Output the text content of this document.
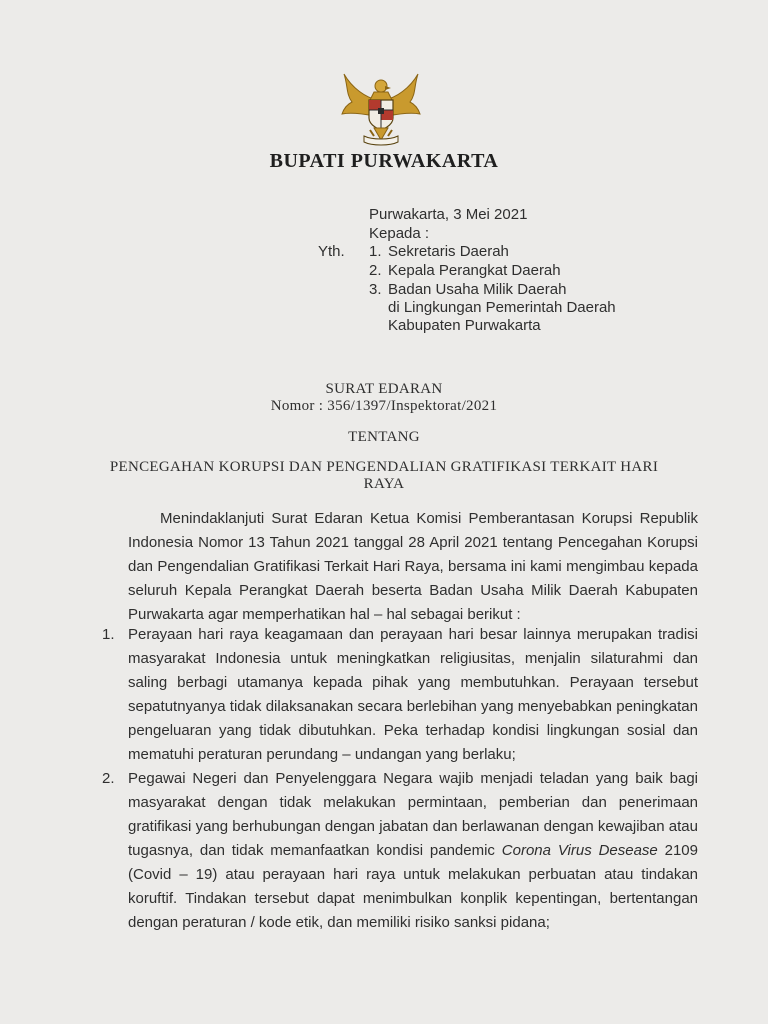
BUPATI PURWAKARTA
Purwakarta, 3 Mei 2021
Kepada :
Yth. 1. Sekretaris Daerah
2. Kepala Perangkat Daerah
3. Badan Usaha Milik Daerah
di Lingkungan Pemerintah Daerah
Kabupaten Purwakarta
SURAT EDARAN
Nomor : 356/1397/Inspektorat/2021
TENTANG
PENCEGAHAN KORUPSI DAN PENGENDALIAN GRATIFIKASI TERKAIT HARI
RAYA

Menindaklanjuti Surat Edaran Ketua Komisi Pemberantasan Korupsi Republik Indonesia Nomor 13 Tahun 2021 tanggal 28 April 2021 tentang Pencegahan Korupsi dan Pengendalian Gratifikasi Terkait Hari Raya, bersama ini kami mengimbau kepada seluruh Kepala Perangkat Daerah beserta Badan Usaha Milik Daerah Kabupaten Purwakarta agar memperhatikan hal – hal sebagai berikut :

1. Perayaan hari raya keagamaan dan perayaan hari besar lainnya merupakan tradisi masyarakat Indonesia untuk meningkatkan religiusitas, menjalin silaturahmi dan saling berbagi utamanya kepada pihak yang membutuhkan. Perayaan tersebut sepatutnyanya tidak dilaksanakan secara berlebihan yang menyebabkan peningkatan pengeluaran yang tidak dibutuhkan. Peka terhadap kondisi lingkungan sosial dan mematuhi peraturan perundang – undangan yang berlaku;
2. Pegawai Negeri dan Penyelenggara Negara wajib menjadi teladan yang baik bagi masyarakat dengan tidak melakukan permintaan, pemberian dan penerimaan gratifikasi yang berhubungan dengan jabatan dan berlawanan dengan kewajiban atau tugasnya, dan tidak memanfaatkan kondisi pandemic Corona Virus Desease 2109 (Covid – 19) atau perayaan hari raya untuk melakukan perbuatan atau tindakan koruftif. Tindakan tersebut dapat menimbulkan konplik kepentingan, bertentangan dengan peraturan / kode etik, dan memiliki risiko sanksi pidana;
